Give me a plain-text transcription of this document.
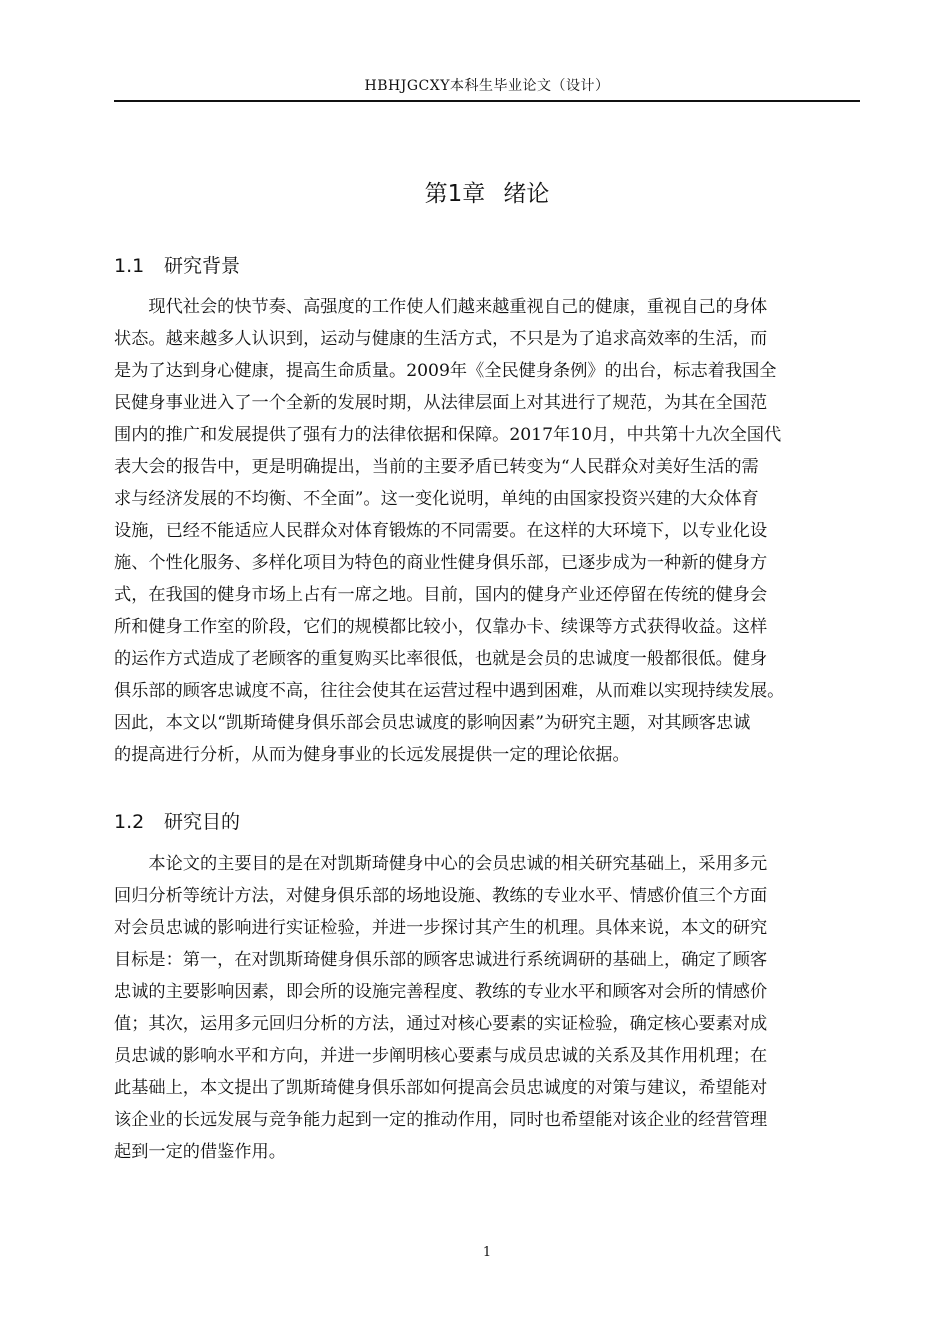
HBHJGCXY本科生毕业论文（设计）
第1章 绪论
1.1 研究背景
　　现代社会的快节奏、高强度的工作使人们越来越重视自己的健康，重视自己的身体
状态。越来越多人认识到，运动与健康的生活方式，不只是为了追求高效率的生活，而
是为了达到身心健康，提高生命质量。2009年《全民健身条例》的出台，标志着我国全
民健身事业进入了一个全新的发展时期，从法律层面上对其进行了规范，为其在全国范
围内的推广和发展提供了强有力的法律依据和保障。2017年10月，中共第十九次全国代
表大会的报告中，更是明确提出，当前的主要矛盾已转变为“人民群众对美好生活的需
求与经济发展的不均衡、不全面”。这一变化说明，单纯的由国家投资兴建的大众体育
设施，已经不能适应人民群众对体育锻炼的不同需要。在这样的大环境下，以专业化设
施、个性化服务、多样化项目为特色的商业性健身俱乐部，已逐步成为一种新的健身方
式，在我国的健身市场上占有一席之地。目前，国内的健身产业还停留在传统的健身会
所和健身工作室的阶段，它们的规模都比较小，仅靠办卡、续课等方式获得收益。这样
的运作方式造成了老顾客的重复购买比率很低，也就是会员的忠诚度一般都很低。健身
俱乐部的顾客忠诚度不高，往往会使其在运营过程中遇到困难，从而难以实现持续发展。
因此，本文以“凯斯琦健身俱乐部会员忠诚度的影响因素”为研究主题，对其顾客忠诚
的提高进行分析，从而为健身事业的长远发展提供一定的理论依据。
1.2 研究目的
　　本论文的主要目的是在对凯斯琦健身中心的会员忠诚的相关研究基础上，采用多元
回归分析等统计方法，对健身俱乐部的场地设施、教练的专业水平、情感价值三个方面
对会员忠诚的影响进行实证检验，并进一步探讨其产生的机理。具体来说，本文的研究
目标是：第一，在对凯斯琦健身俱乐部的顾客忠诚进行系统调研的基础上，确定了顾客
忠诚的主要影响因素，即会所的设施完善程度、教练的专业水平和顾客对会所的情感价
值；其次，运用多元回归分析的方法，通过对核心要素的实证检验，确定核心要素对成
员忠诚的影响水平和方向，并进一步阐明核心要素与成员忠诚的关系及其作用机理；在
此基础上，本文提出了凯斯琦健身俱乐部如何提高会员忠诚度的对策与建议，希望能对
该企业的长远发展与竞争能力起到一定的推动作用，同时也希望能对该企业的经营管理
起到一定的借鉴作用。
1
